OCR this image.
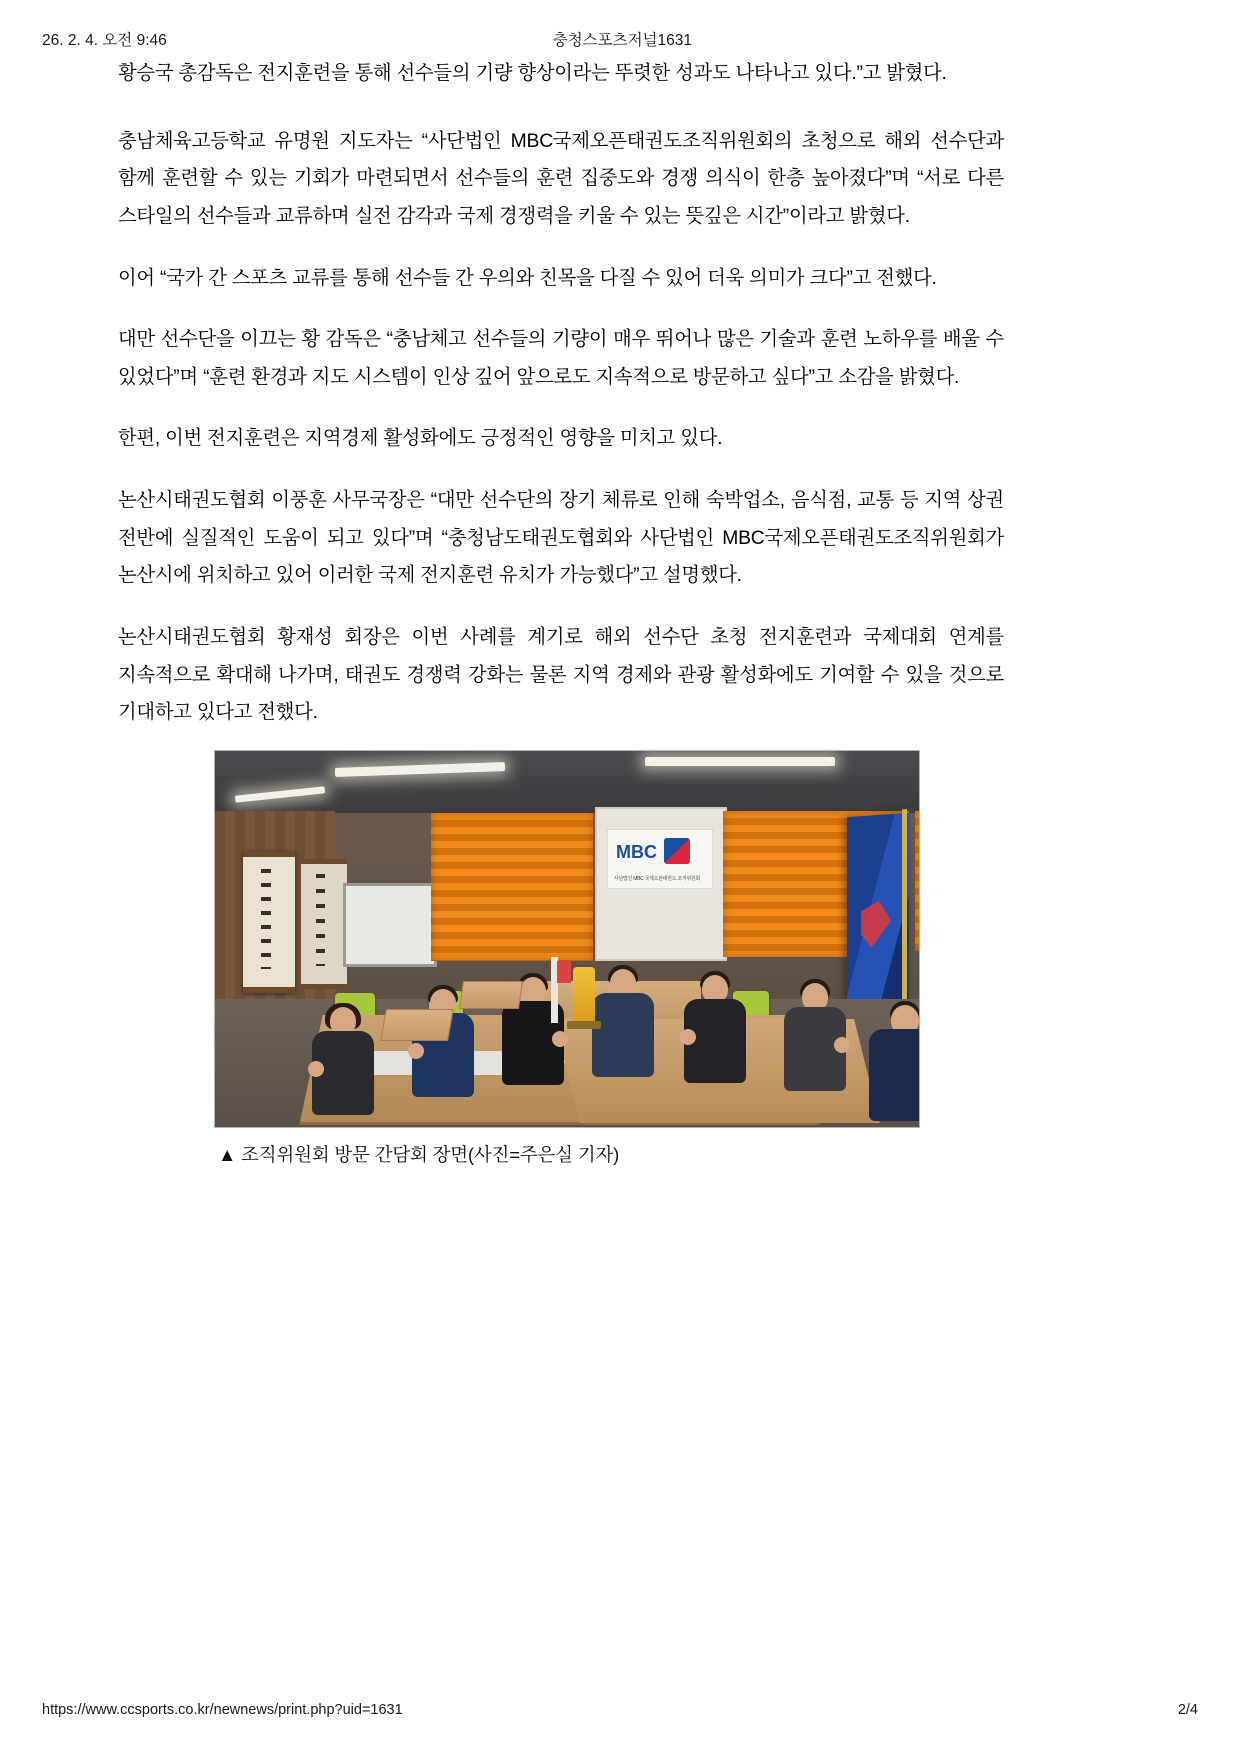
26. 2. 4. 오전 9:46	충청스포츠저널1631

황승국 총감독은 전지훈련을 통해 선수들의 기량 향상이라는 뚜렷한 성과도 나타나고 있다.”고 밝혔다.

충남체육고등학교 유명원 지도자는 “사단법인 MBC국제오픈태권도조직위원회의 초청으로 해외 선수단과 함께 훈련할 수 있는 기회가 마련되면서 선수들의 훈련 집중도와 경쟁 의식이 한층 높아졌다”며 “서로 다른 스타일의 선수들과 교류하며 실전 감각과 국제 경쟁력을 키울 수 있는 뜻깊은 시간”이라고 밝혔다.

이어 “국가 간 스포츠 교류를 통해 선수들 간 우의와 친목을 다질 수 있어 더욱 의미가 크다”고 전했다.

대만 선수단을 이끄는 황 감독은 “충남체고 선수들의 기량이 매우 뛰어나 많은 기술과 훈련 노하우를 배울 수 있었다”며 “훈련 환경과 지도 시스템이 인상 깊어 앞으로도 지속적으로 방문하고 싶다”고 소감을 밝혔다.

한편, 이번 전지훈련은 지역경제 활성화에도 긍정적인 영향을 미치고 있다.

논산시태권도협회 이풍훈 사무국장은 “대만 선수단의 장기 체류로 인해 숙박업소, 음식점, 교통 등 지역 상권 전반에 실질적인 도움이 되고 있다”며 “충청남도태권도협회와 사단법인 MBC국제오픈태권도조직위원회가 논산시에 위치하고 있어 이러한 국제 전지훈련 유치가 가능했다”고 설명했다.

논산시태권도협회 황재성 회장은 이번 사례를 계기로 해외 선수단 초청 전지훈련과 국제대회 연계를 지속적으로 확대해 나가며, 태권도 경쟁력 강화는 물론 지역 경제와 관광 활성화에도 기여할 수 있을 것으로 기대하고 있다고 전했다.

MBC
사단법인 MBC 국제오픈태권도 조직위원회
▲ 조직위원회 방문 간담회 장면(사진=주은실 기자)
https://www.ccsports.co.kr/newnews/print.php?uid=1631	2/4
